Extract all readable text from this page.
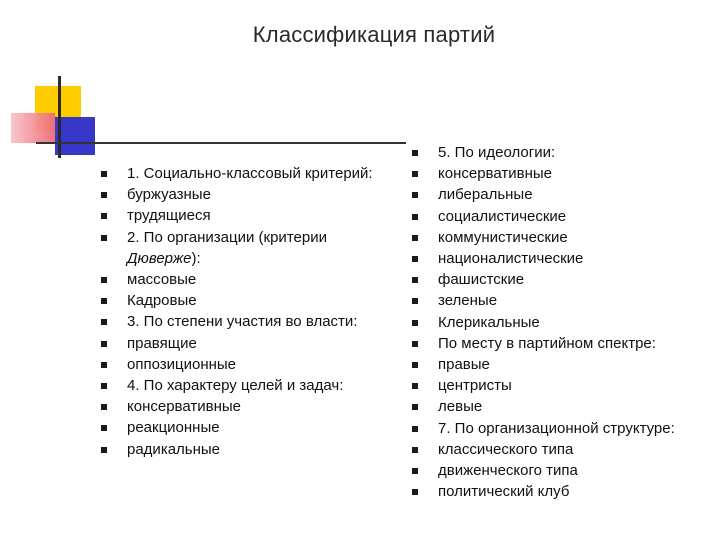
Классификация партий
1. Социально-классовый критерий:
буржуазные
трудящиеся
2. По организации (критерии
Дюверже):
массовые
Кадровые
3. По степени участия во власти:
правящие
оппозиционные
4. По характеру целей и задач:
консервативные
реакционные
радикальные
5. По идеологии:
консервативные
либеральные
социалистические
коммунистические
националистические
фашистские
зеленые
Клерикальные
По месту в партийном спектре:
правые
центристы
левые
7. По организационной структуре:
классического типа
движенческого типа
политический клуб
